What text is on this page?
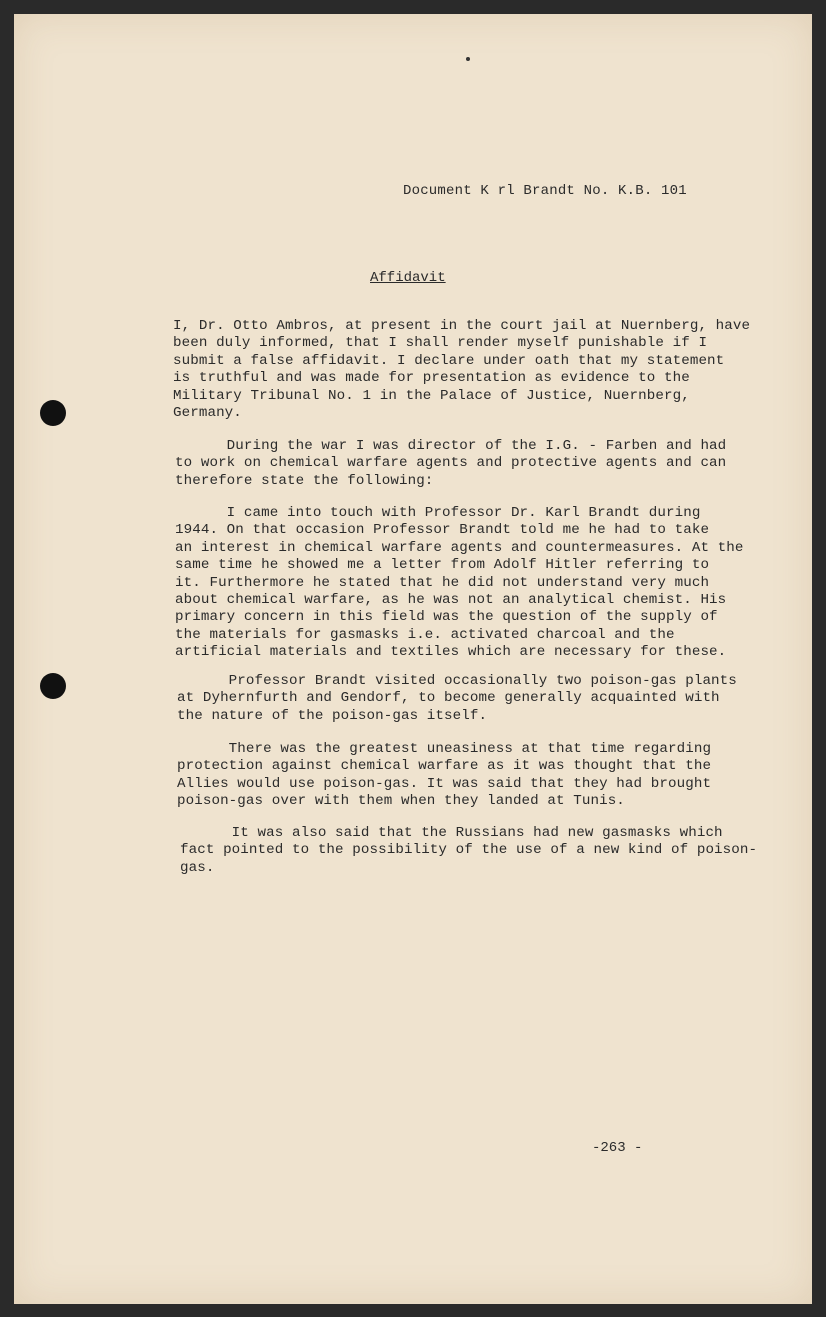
Document K rl Brandt No. K.B. 101
Affidavit

I, Dr. Otto Ambros, at present in the court jail at Nuernberg, have
been duly informed, that I shall render myself punishable if I
submit a false affidavit. I declare under oath that my statement
is truthful and was made for presentation as evidence to the
Military Tribunal No. 1 in the Palace of Justice, Nuernberg,
Germany.

During the war I was director of the I.G. - Farben and had
to work on chemical warfare agents and protective agents and can
therefore state the following:

I came into touch with Professor Dr. Karl Brandt during
1944. On that occasion Professor Brandt told me he had to take
an interest in chemical warfare agents and countermeasures. At the
same time he showed me a letter from Adolf Hitler referring to
it. Furthermore he stated that he did not understand very much
about chemical warfare, as he was not an analytical chemist. His
primary concern in this field was the question of the supply of
the materials for gasmasks i.e. activated charcoal and the
artificial materials and textiles which are necessary for these.

Professor Brandt visited occasionally two poison-gas plants
at Dyhernfurth and Gendorf, to become generally acquainted with
the nature of the poison-gas itself.

There was the greatest uneasiness at that time regarding
protection against chemical warfare as it was thought that the
Allies would use poison-gas. It was said that they had brought
poison-gas over with them when they landed at Tunis.

It was also said that the Russians had new gasmasks which
fact pointed to the possibility of the use of a new kind of poison-
gas.

-263 -
